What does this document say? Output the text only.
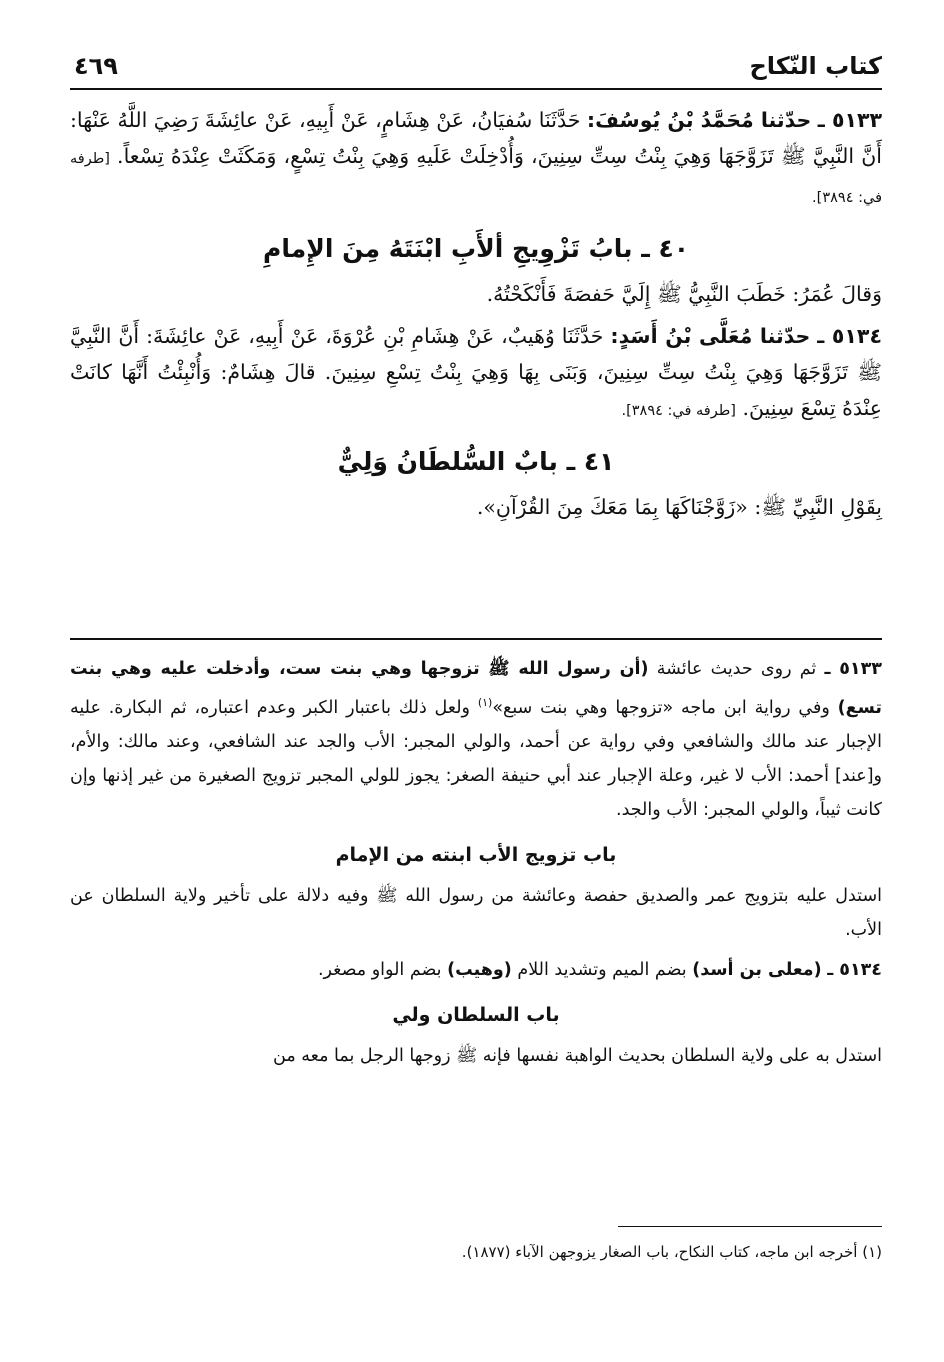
كتاب النّكاح
٤٦٩

٥١٣٣ ـ حدّثنا مُحَمَّدُ بْنُ يُوسُفَ: حَدَّثَنَا سُفيَانُ، عَنْ هِشَامٍ، عَنْ أَبِيهِ، عَنْ عائِشَةَ رَضِيَ اللَّهُ عَنْهَا: أَنَّ النَّبِيَّ ﷺ تَزَوَّجَهَا وَهِيَ بِنْتُ سِتِّ سِنِينَ، وَأُدْخِلَتْ عَلَيهِ وَهِيَ بِنْتُ تِسْعٍ، وَمَكَثَتْ عِنْدَهُ تِسْعاً. [طرفه في: ٣٨٩٤].

٤٠ ـ بابُ تَزْوِيجِ ألأَبِ ابْنَتَهُ مِنَ الإِمامِ

وَقالَ عُمَرُ: خَطَبَ النَّبِيُّ ﷺ إِلَيَّ حَفصَةَ فَأَنْكَحْتُهُ.

٥١٣٤ ـ حدّثنا مُعَلَّى بْنُ أَسَدٍ: حَدَّثَنَا وُهَيبٌ، عَنْ هِشَامِ بْنِ عُرْوَةَ، عَنْ أَبِيهِ، عَنْ عائِشَةَ: أَنَّ النَّبِيَّ ﷺ تَزَوَّجَهَا وَهِيَ بِنْتُ سِتِّ سِنِينَ، وَبَنَى بِهَا وَهِيَ بِنْتُ تِسْعِ سِنِينَ. قالَ هِشَامٌ: وَأُنْبِئْتُ أَنَّهَا كانَتْ عِنْدَهُ تِسْعَ سِنِينَ. [طرفه في: ٣٨٩٤].

٤١ ـ بابٌ السُّلطَانُ وَلِيٌّ

بِقَوْلِ النَّبِيِّ ﷺ: «زَوَّجْنَاكَهَا بِمَا مَعَكَ مِنَ القُرْآنِ».

٥١٣٣ ـ ثم روى حديث عائشة (أن رسول الله ﷺ تزوجها وهي بنت ست، وأدخلت عليه وهي بنت تسع) وفي رواية ابن ماجه «تزوجها وهي بنت سبع»$^{(١)}$ ولعل ذلك باعتبار الكبر وعدم اعتباره، ثم البكارة. عليه الإجبار عند مالك والشافعي وفي رواية عن أحمد، والولي المجبر: الأب والجد عند الشافعي، وعند مالك: والأم، و[عند] أحمد: الأب لا غير، وعلة الإجبار عند أبي حنيفة الصغر: يجوز للولي المجبر تزويج الصغيرة من غير إذنها وإن كانت ثيباً، والولي المجبر: الأب والجد.

باب تزويج الأب ابنته من الإمام

استدل عليه بتزويج عمر والصديق حفصة وعائشة من رسول الله ﷺ وفيه دلالة على تأخير ولاية السلطان عن الأب.

٥١٣٤ ـ (معلى بن أسد) بضم الميم وتشديد اللام (وهيب) بضم الواو مصغر.

باب السلطان ولي

استدل به على ولاية السلطان بحديث الواهبة نفسها فإنه ﷺ زوجها الرجل بما معه من

(١) أخرجه ابن ماجه، كتاب النكاح، باب الصغار يزوجهن الآباء (١٨٧٧).
